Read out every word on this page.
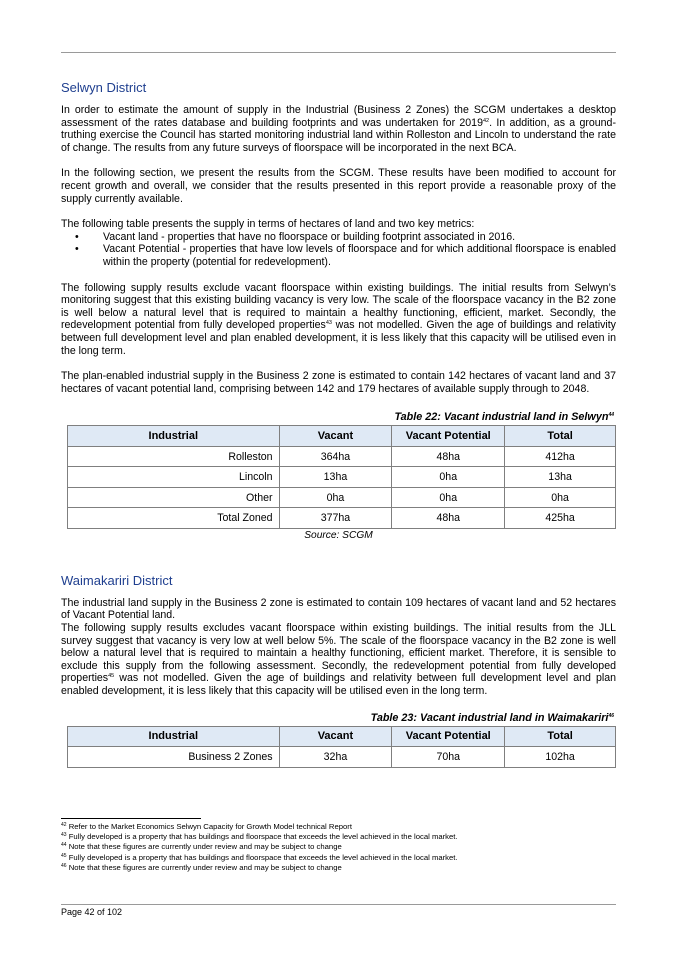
Selwyn District

In order to estimate the amount of supply in the Industrial (Business 2 Zones) the SCGM undertakes a desktop assessment of the rates database and building footprints and was undertaken for 2019$^{42}$. In addition, as a ground-truthing exercise the Council has started monitoring industrial land within Rolleston and Lincoln to understand the rate of change. The results from any future surveys of floorspace will be incorporated in the next BCA.

In the following section, we present the results from the SCGM. These results have been modified to account for recent growth and overall, we consider that the results presented in this report provide a reasonable proxy of the supply currently available.

The following table presents the supply in terms of hectares of land and two key metrics:

• Vacant land - properties that have no floorspace or building footprint associated in 2016.
• Vacant Potential - properties that have low levels of floorspace and for which additional floorspace is enabled within the property (potential for redevelopment).

The following supply results exclude vacant floorspace within existing buildings. The initial results from Selwyn’s monitoring suggest that this existing building vacancy is very low. The scale of the floorspace vacancy in the B2 zone is well below a natural level that is required to maintain a healthy functioning, efficient, market. Secondly, the redevelopment potential from fully developed properties$^{43}$ was not modelled. Given the age of buildings and relativity between full development level and plan enabled development, it is less likely that this capacity will be utilised even in the long term.

The plan-enabled industrial supply in the Business 2 zone is estimated to contain 142 hectares of vacant land and 37 hectares of vacant potential land, comprising between 142 and 179 hectares of available supply through to 2048.

Table 22: Vacant industrial land in Selwyn$^{44}$
Industrial	Vacant	Vacant Potential	Total
Rolleston	364ha	48ha	412ha
Lincoln	13ha	0ha	13ha
Other	0ha	0ha	0ha
Total Zoned	377ha	48ha	425ha
Source: SCGM
Waimakariri District

The industrial land supply in the Business 2 zone is estimated to contain 109 hectares of vacant land and 52 hectares of Vacant Potential land.

The following supply results excludes vacant floorspace within existing buildings. The initial results from the JLL survey suggest that vacancy is very low at well below 5%. The scale of the floorspace vacancy in the B2 zone is well below a natural level that is required to maintain a healthy functioning, efficient market. Therefore, it is sensible to exclude this supply from the following assessment. Secondly, the redevelopment potential from fully developed properties$^{45}$ was not modelled. Given the age of buildings and relativity between full development level and plan enabled development, it is less likely that this capacity will be utilised even in the long term.

Table 23: Vacant industrial land in Waimakariri$^{46}$
Industrial	Vacant	Vacant Potential	Total
Business 2 Zones	32ha	70ha	102ha
$^{42}$ Refer to the Market Economics Selwyn Capacity for Growth Model technical Report
$^{43}$ Fully developed is a property that has buildings and floorspace that exceeds the level achieved in the local market.
$^{44}$ Note that these figures are currently under review and may be subject to change
$^{45}$ Fully developed is a property that has buildings and floorspace that exceeds the level achieved in the local market.
$^{46}$ Note that these figures are currently under review and may be subject to change
Page 42 of 102
